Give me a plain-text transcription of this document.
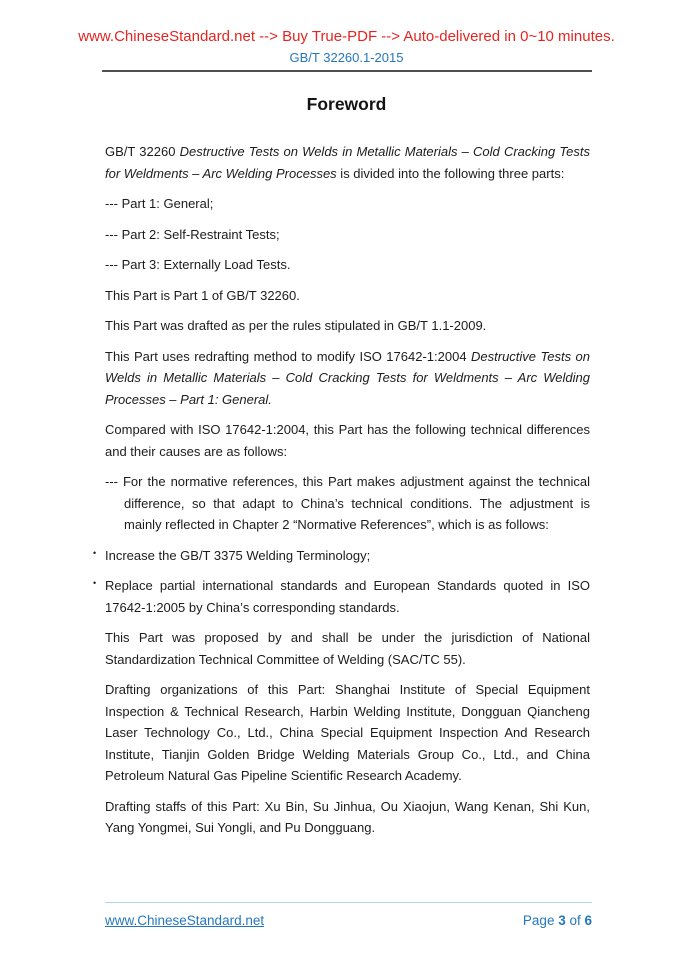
www.ChineseStandard.net --> Buy True-PDF --> Auto-delivered in 0~10 minutes.
GB/T 32260.1-2015
Foreword

GB/T 32260 Destructive Tests on Welds in Metallic Materials – Cold Cracking Tests for Weldments – Arc Welding Processes is divided into the following three parts:

--- Part 1: General;

--- Part 2: Self-Restraint Tests;

--- Part 3: Externally Load Tests.

This Part is Part 1 of GB/T 32260.

This Part was drafted as per the rules stipulated in GB/T 1.1-2009.

This Part uses redrafting method to modify ISO 17642-1:2004 Destructive Tests on Welds in Metallic Materials – Cold Cracking Tests for Weldments – Arc Welding Processes – Part 1: General.

Compared with ISO 17642-1:2004, this Part has the following technical differences and their causes are as follows:

--- For the normative references, this Part makes adjustment against the technical difference, so that adapt to China’s technical conditions. The adjustment is mainly reflected in Chapter 2 “Normative References”, which is as follows:

• Increase the GB/T 3375 Welding Terminology;

• Replace partial international standards and European Standards quoted in ISO 17642-1:2005 by China’s corresponding standards.

This Part was proposed by and shall be under the jurisdiction of National Standardization Technical Committee of Welding (SAC/TC 55).

Drafting organizations of this Part: Shanghai Institute of Special Equipment Inspection & Technical Research, Harbin Welding Institute, Dongguan Qiancheng Laser Technology Co., Ltd., China Special Equipment Inspection And Research Institute, Tianjin Golden Bridge Welding Materials Group Co., Ltd., and China Petroleum Natural Gas Pipeline Scientific Research Academy.

Drafting staffs of this Part: Xu Bin, Su Jinhua, Ou Xiaojun, Wang Kenan, Shi Kun, Yang Yongmei, Sui Yongli, and Pu Dongguang.

www.ChineseStandard.net	Page 3 of 6
